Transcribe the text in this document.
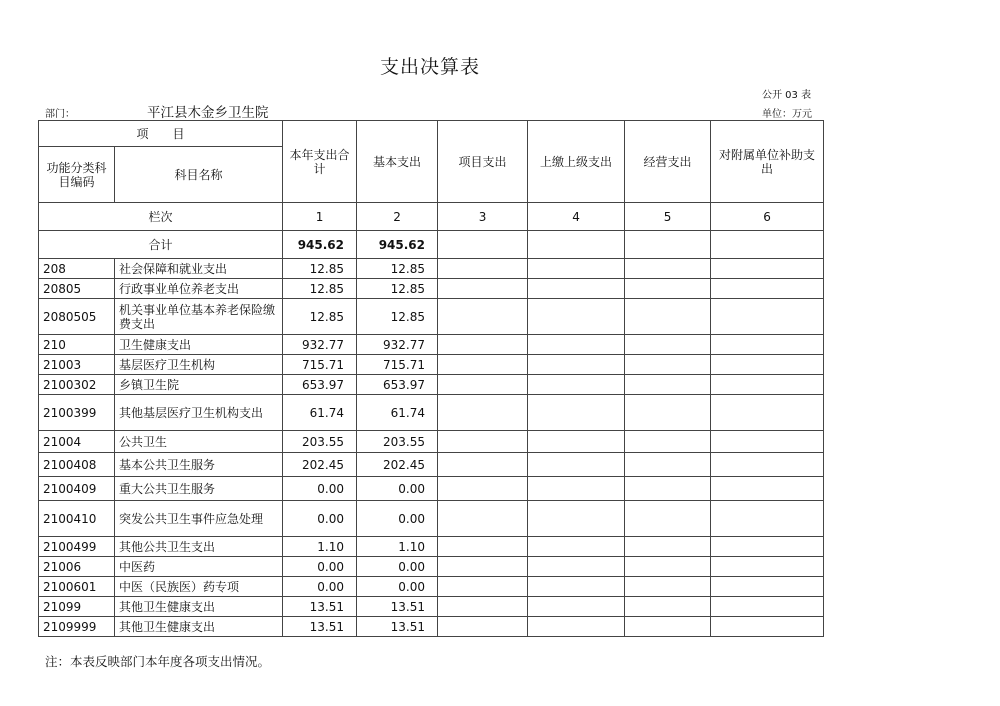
支出决算表
公开 03 表
部门：	平江县木金乡卫生院	单位：万元
项　　目		本年支出合计	基本支出	项目支出	上缴上级支出	经营支出	对附属单位补助支出
功能分类科目编码	科目名称						
栏次		1	2	3	4	5	6
合计		945.62	945.62				
208	社会保障和就业支出	12.85	12.85				
20805	行政事业单位养老支出	12.85	12.85				
2080505	机关事业单位基本养老保险缴费支出	12.85	12.85				
210	卫生健康支出	932.77	932.77				
21003	基层医疗卫生机构	715.71	715.71				
2100302	乡镇卫生院	653.97	653.97				
2100399	其他基层医疗卫生机构支出	61.74	61.74				
21004	公共卫生	203.55	203.55				
2100408	基本公共卫生服务	202.45	202.45				
2100409	重大公共卫生服务	0.00	0.00				
2100410	突发公共卫生事件应急处理	0.00	0.00				
2100499	其他公共卫生支出	1.10	1.10				
21006	中医药	0.00	0.00				
2100601	中医（民族医）药专项	0.00	0.00				
21099	其他卫生健康支出	13.51	13.51				
2109999	其他卫生健康支出	13.51	13.51				
注：本表反映部门本年度各项支出情况。
